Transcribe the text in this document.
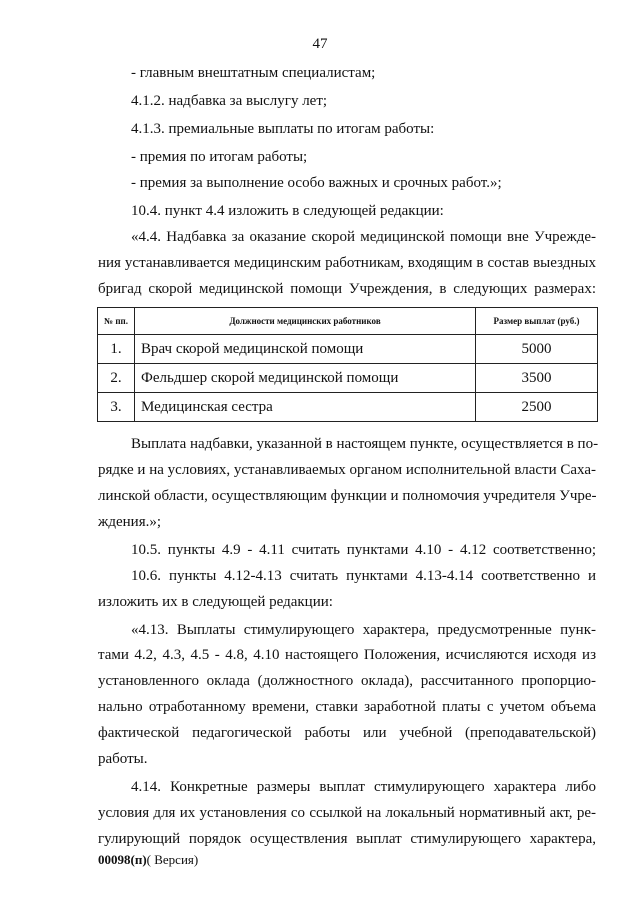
47
- главным внештатным специалистам;
4.1.2. надбавка за выслугу лет;
4.1.3. премиальные выплаты по итогам работы:
- премия по итогам работы;
- премия за выполнение особо важных и срочных работ.»;
10.4. пункт 4.4 изложить в следующей редакции:
«4.4. Надбавка за оказание скорой медицинской помощи вне Учрежде-
ния устанавливается медицинским работникам, входящим в состав выездных
бригад скорой медицинской помощи Учреждения, в следующих размерах:
№ пп.	Должности медицинских работников	Размер выплат (руб.)
1.	Врач скорой медицинской помощи	5000
2.	Фельдшер скорой медицинской помощи	3500
3.	Медицинская сестра	2500
Выплата надбавки, указанной в настоящем пункте, осуществляется в по-
рядке и на условиях, устанавливаемых органом исполнительной власти Саха-
линской области, осуществляющим функции и полномочия учредителя Учре-
ждения.»;
10.5. пункты 4.9 - 4.11 считать пунктами 4.10 - 4.12 соответственно;
10.6. пункты 4.12-4.13 считать пунктами 4.13-4.14 соответственно и
изложить их в следующей редакции:
«4.13. Выплаты стимулирующего характера, предусмотренные пунк-
тами 4.2, 4.3, 4.5 - 4.8, 4.10 настоящего Положения, исчисляются исходя из
установленного оклада (должностного оклада), рассчитанного пропорцио-
нально отработанному времени, ставки заработной платы с учетом объема
фактической педагогической работы или учебной (преподавательской)
работы.
4.14. Конкретные размеры выплат стимулирующего характера либо
условия для их установления со ссылкой на локальный нормативный акт, ре-
гулирующий порядок осуществления выплат стимулирующего характера,
00098(п)( Версия)
